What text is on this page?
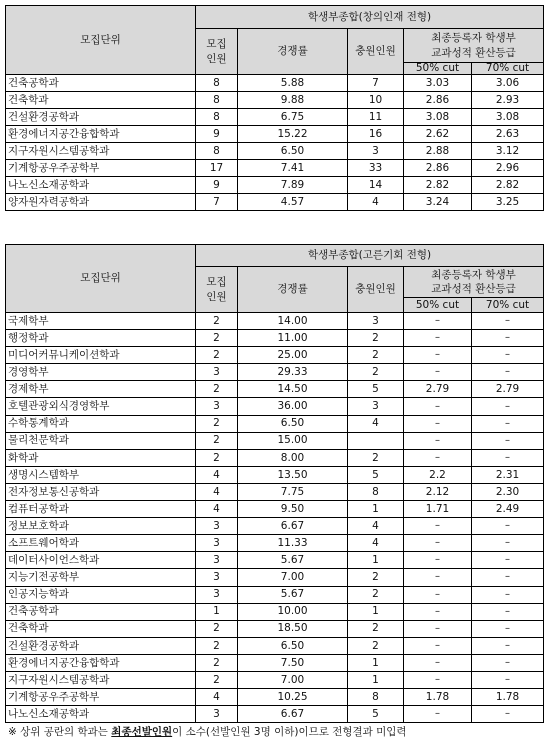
모집단위	학생부종합(창의인재 전형)				
	모집
인원	경쟁률	충원인원	최종등록자 학생부
교과성적 환산등급	
				50% cut	70% cut
건축공학과	8	5.88	7	3.03	3.06
건축학과	8	9.88	10	2.86	2.93
건설환경공학과	8	6.75	11	3.08	3.08
환경에너지공간융합학과	9	15.22	16	2.62	2.63
지구자원시스템공학과	8	6.50	3	2.88	3.12
기계항공우주공학부	17	7.41	33	2.86	2.96
나노신소재공학과	9	7.89	14	2.82	2.82
양자원자력공학과	7	4.57	4	3.24	3.25
모집단위	학생부종합(고른기회 전형)				
	모집
인원	경쟁률	충원인원	최종등록자 학생부
교과성적 환산등급	
				50% cut	70% cut
국제학부	2	14.00	3	–	–
행정학과	2	11.00	2	–	–
미디어커뮤니케이션학과	2	25.00	2	–	–
경영학부	3	29.33	2	–	–
경제학부	2	14.50	5	2.79	2.79
호텔관광외식경영학부	3	36.00	3	–	–
수학통계학과	2	6.50	4	–	–
물리천문학과	2	15.00		–	–
화학과	2	8.00	2	–	–
생명시스템학부	4	13.50	5	2.2	2.31
전자정보통신공학과	4	7.75	8	2.12	2.30
컴퓨터공학과	4	9.50	1	1.71	2.49
정보보호학과	3	6.67	4	–	–
소프트웨어학과	3	11.33	4	–	–
데이터사이언스학과	3	5.67	1	–	–
지능기전공학부	3	7.00	2	–	–
인공지능학과	3	5.67	2	–	–
건축공학과	1	10.00	1	–	–
건축학과	2	18.50	2	–	–
건설환경공학과	2	6.50	2	–	–
환경에너지공간융합학과	2	7.50	1	–	–
지구자원시스템공학과	2	7.00	1	–	–
기계항공우주공학부	4	10.25	8	1.78	1.78
나노신소재공학과	3	6.67	5	–	–
※ 상위 공란의 학과는 최종선발인원이 소수(선발인원 3명 이하)이므로 전형결과 미입력
